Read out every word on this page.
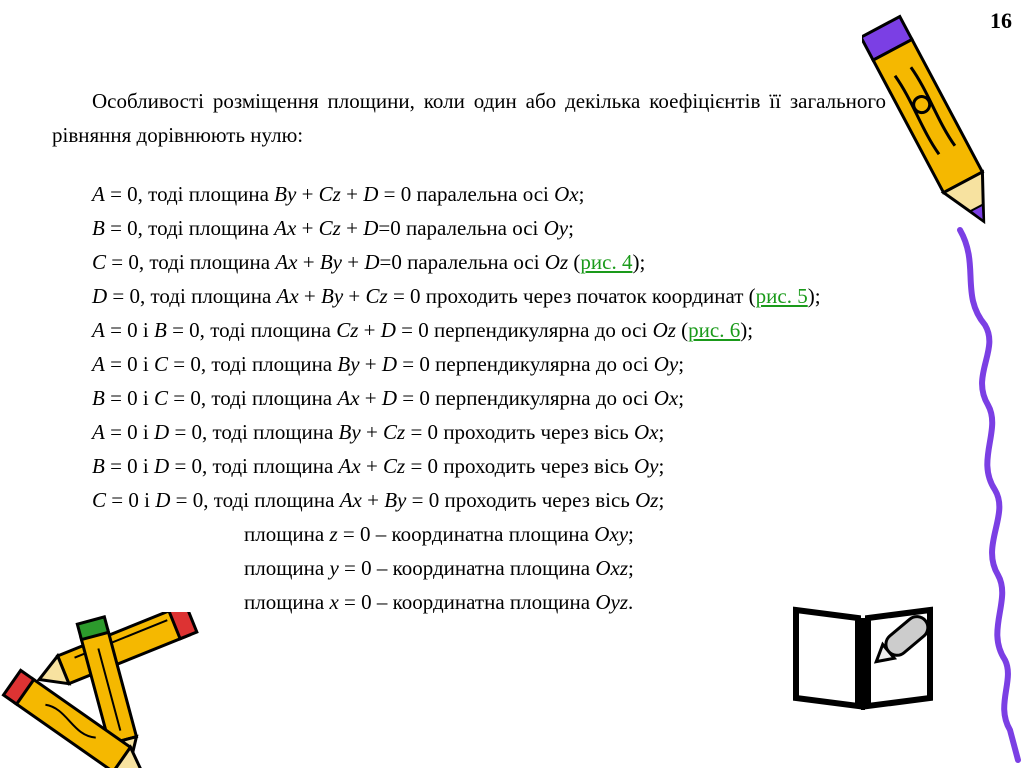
16

Особливості розміщення площини, коли один або декілька коефіцієнтів її загального рівняння дорівнюють нулю:

A = 0, тоді площина By + Cz + D = 0 паралельна осі Ox;
B = 0, тоді площина Ax + Cz + D=0 паралельна осі Oy;
C = 0, тоді площина Ax + By + D=0 паралельна осі Oz (рис. 4);
D = 0, тоді площина Ax + By + Cz = 0 проходить через початок координат (рис. 5);
A = 0 і B = 0, тоді площина Cz + D = 0 перпендикулярна до осі Oz (рис. 6);
A = 0 і C = 0, тоді площина By + D = 0 перпендикулярна до осі Oy;
B = 0 і C = 0, тоді площина Ax + D = 0 перпендикулярна до осі Ox;
A = 0 і D = 0, тоді площина By + Cz = 0 проходить через вісь Ox;
B = 0 і D = 0, тоді площина Ax + Cz = 0 проходить через вісь Oy;
C = 0 і D = 0, тоді площина Ax + By = 0 проходить через вісь Oz;
площина z = 0 – координатна площина Oxy;
площина y = 0 – координатна площина Oxz;
площина x = 0 – координатна площина Oyz.
